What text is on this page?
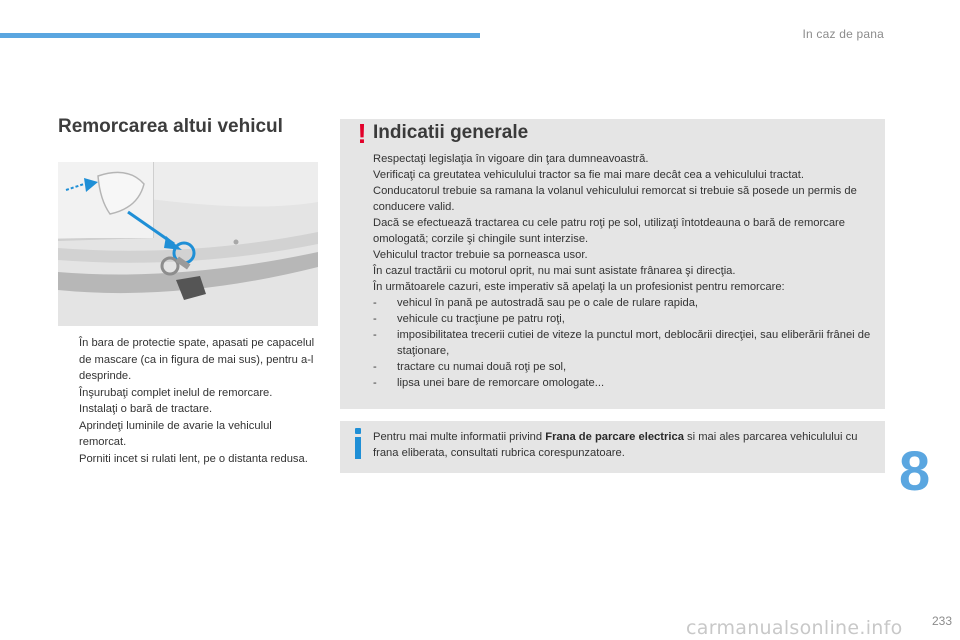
In caz de pana
Remorcarea altui vehicul
În bara de protectie spate, apasati pe capacelul de mascare (ca in figura de mai sus), pentru a-l desprinde.
Înşurubaţi complet inelul de remorcare.
Instalaţi o bară de tractare.
Aprindeţi luminile de avarie la vehiculul remorcat.
Porniti incet si rulati lent, pe o distanta redusa.
! Indicatii generale

Respectaţi legislaţia în vigoare din ţara dumneavoastră.

Verificaţi ca greutatea vehiculului tractor sa fie mai mare decât cea a vehiculului tractat.

Conducatorul trebuie sa ramana la volanul vehiculului remorcat si trebuie să posede un permis de conducere valid.

Dacă se efectuează tractarea cu cele patru roţi pe sol, utilizaţi întotdeauna o bară de remorcare omologată; corzile şi chingile sunt interzise.

Vehiculul tractor trebuie sa porneasca usor.

În cazul tractării cu motorul oprit, nu mai sunt asistate frânarea şi direcţia.

În următoarele cazuri, este imperativ să apelaţi la un profesionist pentru remorcare:

- vehicul în pană pe autostradă sau pe o cale de rulare rapida,

- vehicule cu tracţiune pe patru roţi,

- imposibilitatea trecerii cutiei de viteze la punctul mort, deblocării direcţiei, sau eliberării frânei de staţionare,

- tractare cu numai două roţi pe sol,

- lipsa unei bare de remorcare omologate...

Pentru mai multe informatii privind Frana de parcare electrica si mai ales parcarea vehiculului cu frana eliberata, consultati rubrica corespunzatoare.	8
carmanualsonline.info 233
